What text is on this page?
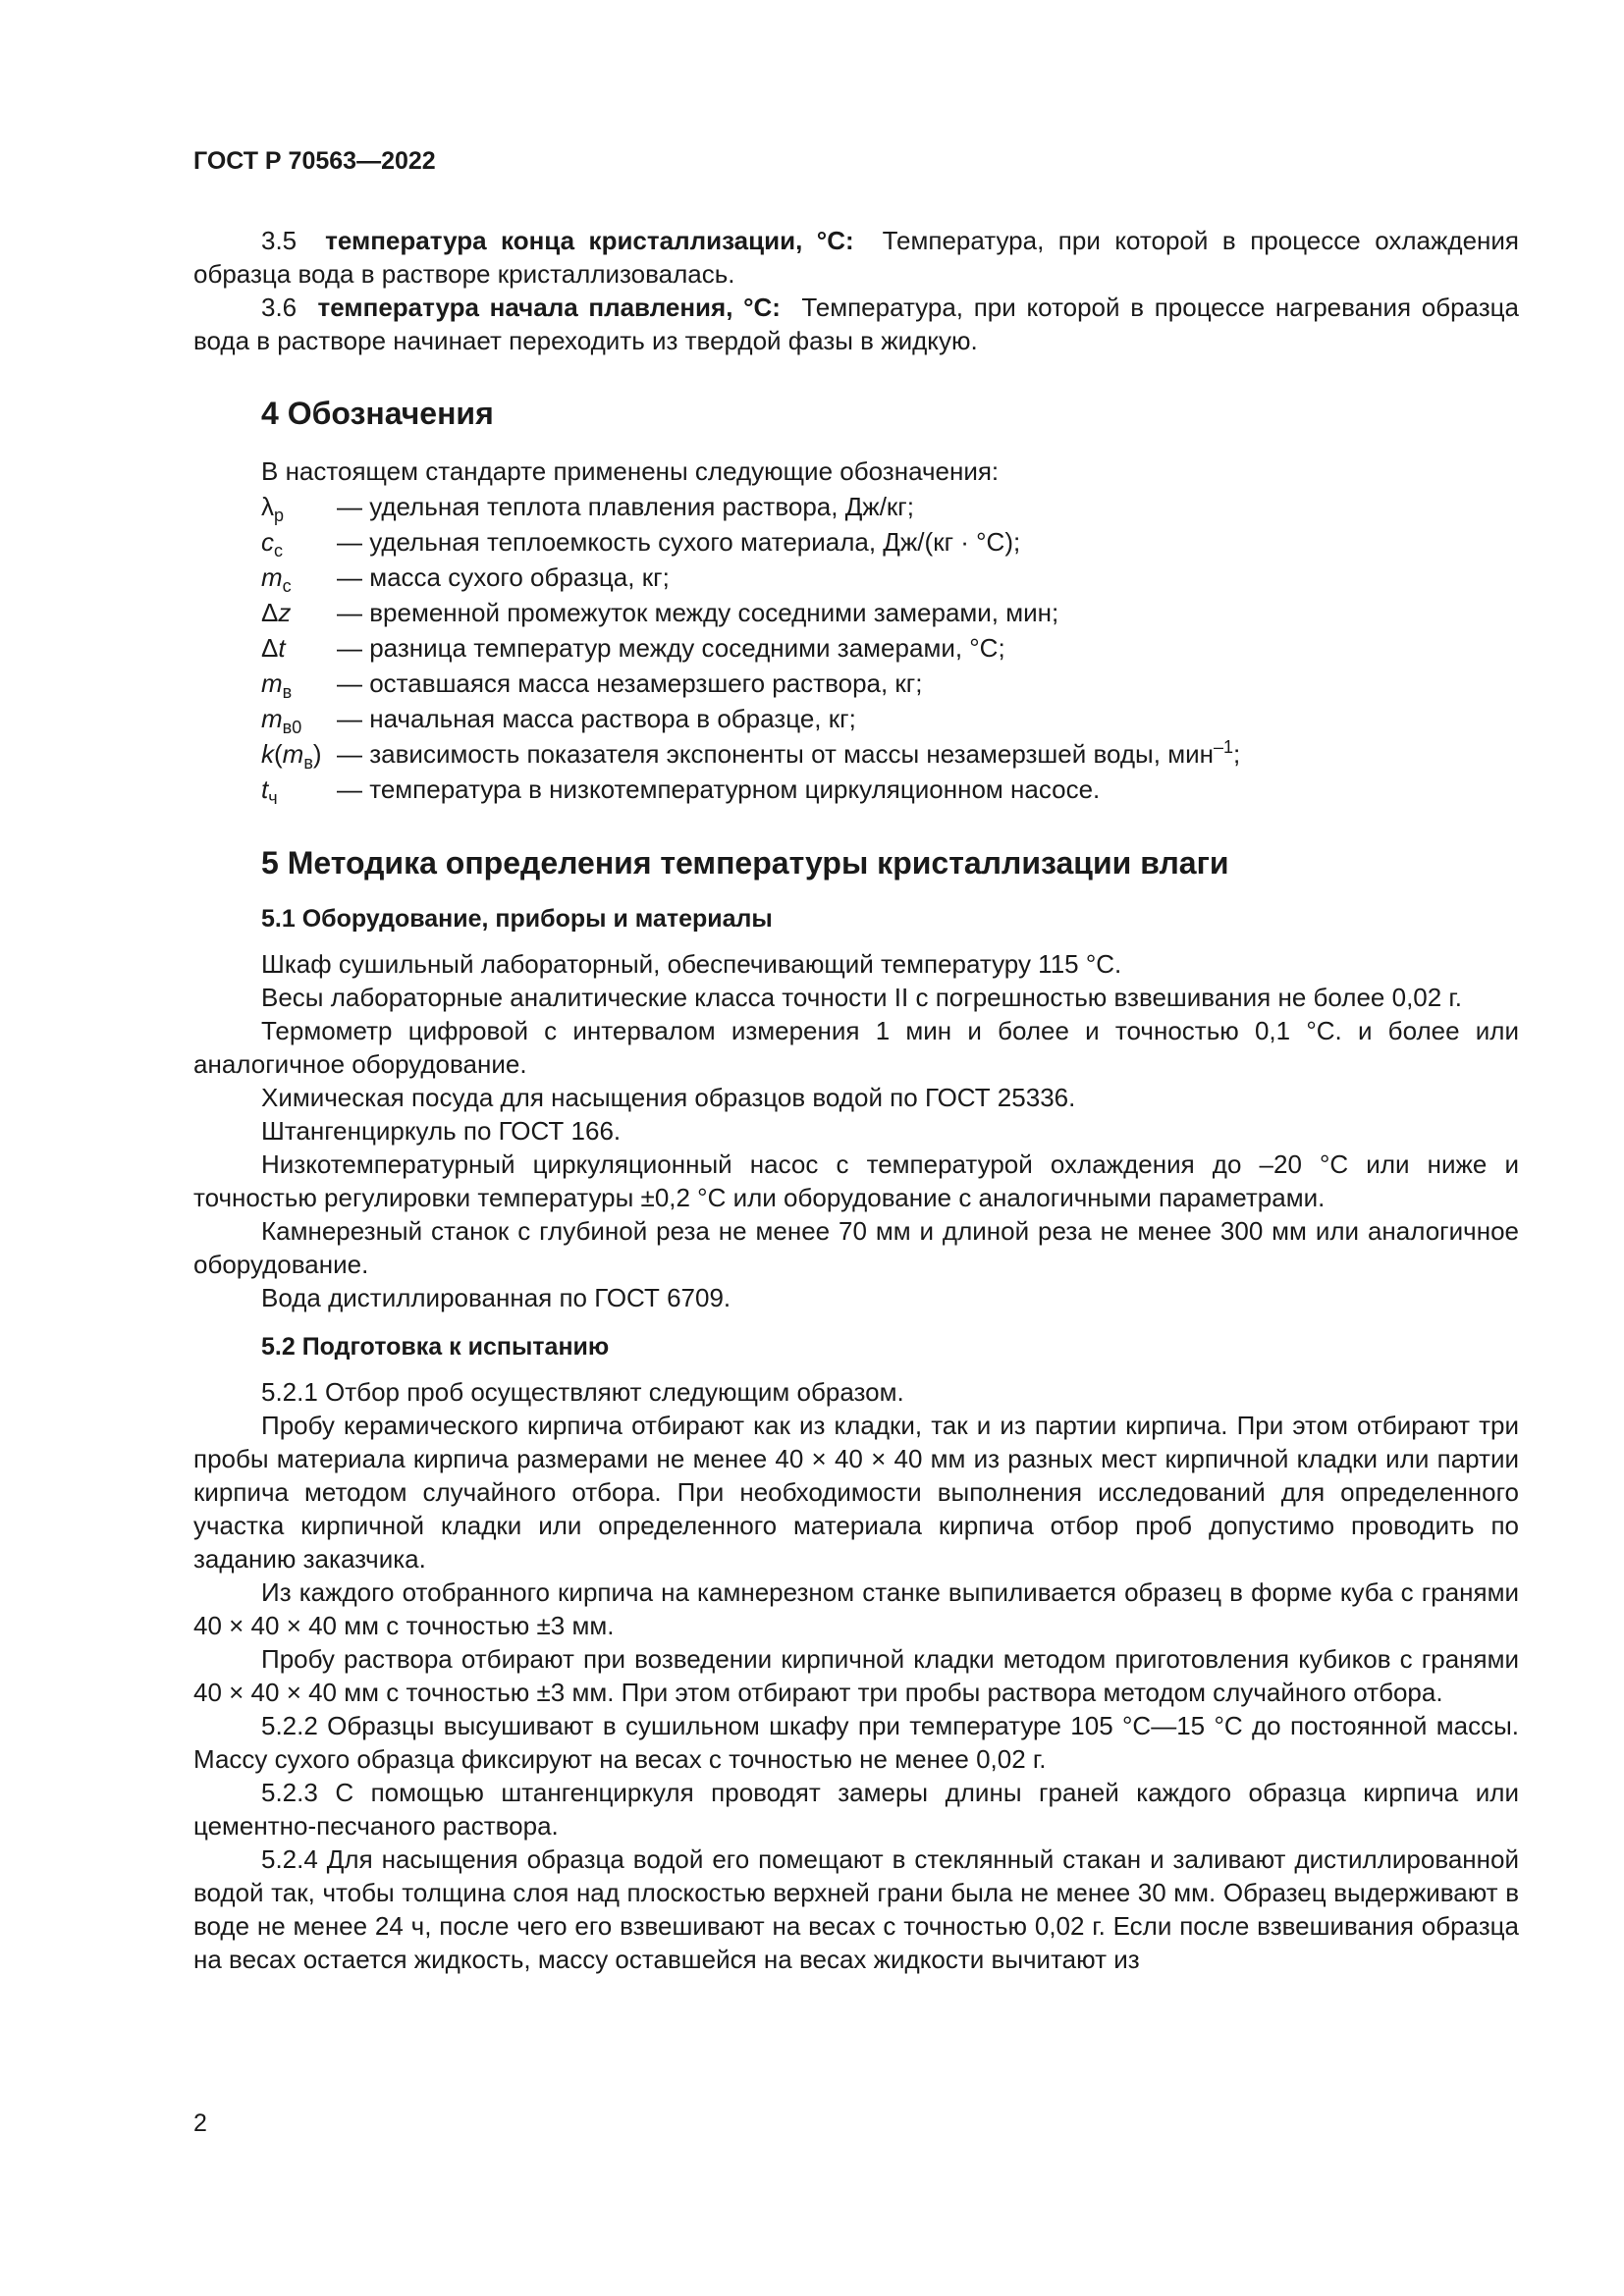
ГОСТ Р 70563—2022

3.5 температура конца кристаллизации, °С: Температура, при которой в процессе охлаждения образца вода в растворе кристаллизовалась.

3.6 температура начала плавления, °С: Температура, при которой в процессе нагревания образца вода в растворе начинает переходить из твердой фазы в жидкую.

4 Обозначения

В настоящем стандарте применены следующие обозначения:

$\lambda_р$ — удельная теплота плавления раствора, Дж/кг;
$c_с$ — удельная теплоемкость сухого материала, Дж/(кг · °С);
$m_с$ — масса сухого образца, кг;
Δz — временной промежуток между соседними замерами, мин;
Δt — разница температур между соседними замерами, °С;
$m_в$ — оставшаяся масса незамерзшего раствора, кг;
$m_{в0}$ — начальная масса раствора в образце, кг;
$k(m_в)$ — зависимость показателя экспоненты от массы незамерзшей воды, мин$^{-1}$;
$t_ч$ — температура в низкотемпературном циркуляционном насосе.
5 Методика определения температуры кристаллизации влаги
5.1 Оборудование, приборы и материалы

Шкаф сушильный лабораторный, обеспечивающий температуру 115 °С.

Весы лабораторные аналитические класса точности II с погрешностью взвешивания не более 0,02 г.

Термометр цифровой с интервалом измерения 1 мин и более и точностью 0,1 °С. и более или аналогичное оборудование.

Химическая посуда для насыщения образцов водой по ГОСТ 25336.

Штангенциркуль по ГОСТ 166.

Низкотемпературный циркуляционный насос с температурой охлаждения до –20 °С или ниже и точностью регулировки температуры ±0,2 °С или оборудование с аналогичными параметрами.

Камнерезный станок с глубиной реза не менее 70 мм и длиной реза не менее 300 мм или аналогичное оборудование.

Вода дистиллированная по ГОСТ 6709.

5.2 Подготовка к испытанию

5.2.1 Отбор проб осуществляют следующим образом.

Пробу керамического кирпича отбирают как из кладки, так и из партии кирпича. При этом отбирают три пробы материала кирпича размерами не менее 40 × 40 × 40 мм из разных мест кирпичной кладки или партии кирпича методом случайного отбора. При необходимости выполнения исследований для определенного участка кирпичной кладки или определенного материала кирпича отбор проб допустимо проводить по заданию заказчика.

Из каждого отобранного кирпича на камнерезном станке выпиливается образец в форме куба с гранями 40 × 40 × 40 мм с точностью ±3 мм.

Пробу раствора отбирают при возведении кирпичной кладки методом приготовления кубиков с гранями 40 × 40 × 40 мм с точностью ±3 мм. При этом отбирают три пробы раствора методом случайного отбора.

5.2.2 Образцы высушивают в сушильном шкафу при температуре 105 °С—15 °С до постоянной массы. Массу сухого образца фиксируют на весах с точностью не менее 0,02 г.

5.2.3 С помощью штангенциркуля проводят замеры длины граней каждого образца кирпича или цементно-песчаного раствора.

5.2.4 Для насыщения образца водой его помещают в стеклянный стакан и заливают дистиллированной водой так, чтобы толщина слоя над плоскостью верхней грани была не менее 30 мм. Образец выдерживают в воде не менее 24 ч, после чего его взвешивают на весах с точностью 0,02 г. Если после взвешивания образца на весах остается жидкость, массу оставшейся на весах жидкости вычитают из

2
